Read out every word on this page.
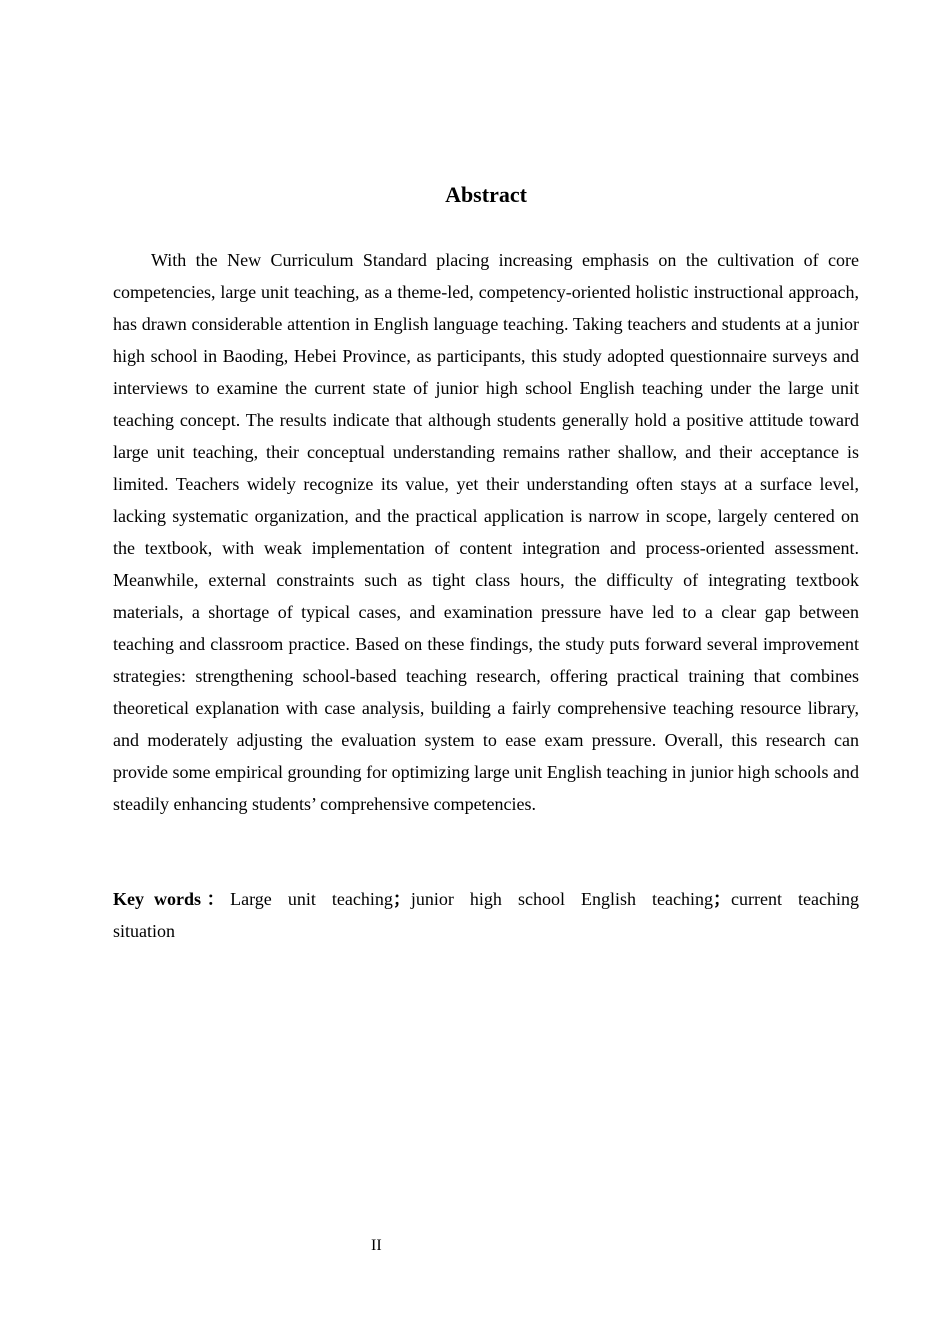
Abstract

With the New Curriculum Standard placing increasing emphasis on the cultivation of core competencies, large unit teaching, as a theme-led, competency-oriented holistic instructional approach, has drawn considerable attention in English language teaching. Taking teachers and students at a junior high school in Baoding, Hebei Province, as participants, this study adopted questionnaire surveys and interviews to examine the current state of junior high school English teaching under the large unit teaching concept. The results indicate that although students generally hold a positive attitude toward large unit teaching, their conceptual understanding remains rather shallow, and their acceptance is limited. Teachers widely recognize its value, yet their understanding often stays at a surface level, lacking systematic organization, and the practical application is narrow in scope, largely centered on the textbook, with weak implementation of content integration and process-oriented assessment. Meanwhile, external constraints such as tight class hours, the difficulty of integrating textbook materials, a shortage of typical cases, and examination pressure have led to a clear gap between teaching and classroom practice. Based on these findings, the study puts forward several improvement strategies: strengthening school-based teaching research, offering practical training that combines theoretical explanation with case analysis, building a fairly comprehensive teaching resource library, and moderately adjusting the evaluation system to ease exam pressure. Overall, this research can provide some empirical grounding for optimizing large unit English teaching in junior high schools and steadily enhancing students’ comprehensive competencies.

Key words：Large unit teaching；junior high school English teaching；current teaching situation

II
